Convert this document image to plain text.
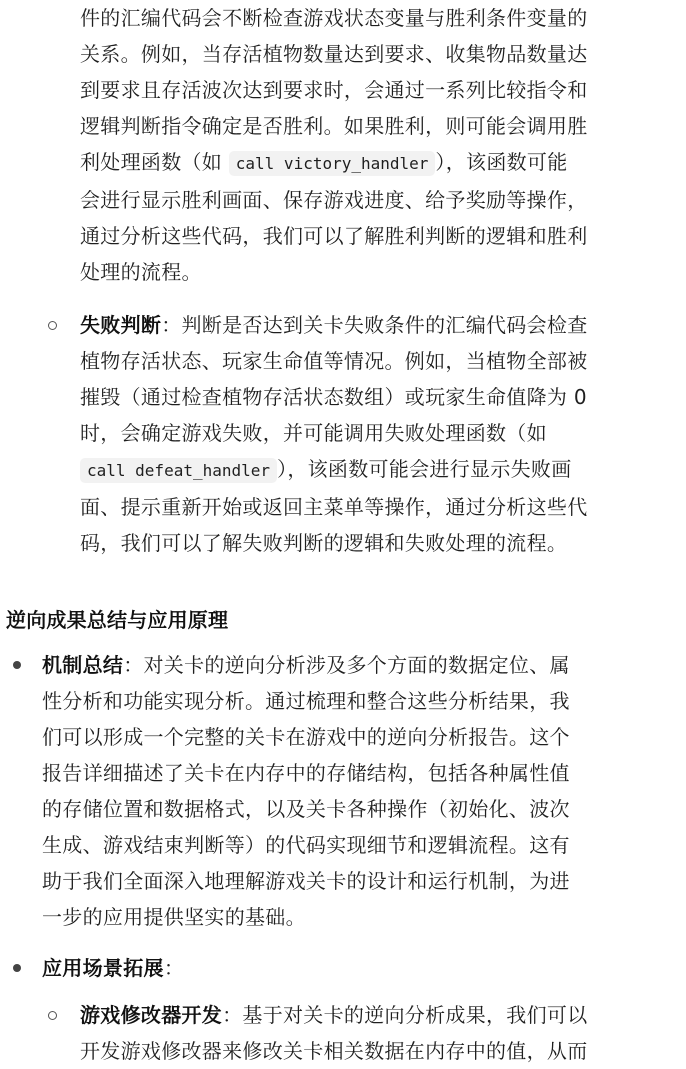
件的汇编代码会不断检查游戏状态变量与胜利条件变量的
关系。例如，当存活植物数量达到要求、收集物品数量达
到要求且存活波次达到要求时，会通过一系列比较指令和
逻辑判断指令确定是否胜利。如果胜利，则可能会调用胜
利处理函数（如 call victory_handler ），该函数可能
会进行显示胜利画面、保存游戏进度、给予奖励等操作，
通过分析这些代码，我们可以了解胜利判断的逻辑和胜利
处理的流程。
失败判断：判断是否达到关卡失败条件的汇编代码会检查
植物存活状态、玩家生命值等情况。例如，当植物全部被
摧毁（通过检查植物存活状态数组）或玩家生命值降为 0
时，会确定游戏失败，并可能调用失败处理函数（如
call defeat_handler ），该函数可能会进行显示失败画
面、提示重新开始或返回主菜单等操作，通过分析这些代
码，我们可以了解失败判断的逻辑和失败处理的流程。
逆向成果总结与应用原理
机制总结：对关卡的逆向分析涉及多个方面的数据定位、属
性分析和功能实现分析。通过梳理和整合这些分析结果，我
们可以形成一个完整的关卡在游戏中的逆向分析报告。这个
报告详细描述了关卡在内存中的存储结构，包括各种属性值
的存储位置和数据格式，以及关卡各种操作（初始化、波次
生成、游戏结束判断等）的代码实现细节和逻辑流程。这有
助于我们全面深入地理解游戏关卡的设计和运行机制，为进
一步的应用提供坚实的基础。
应用场景拓展：
游戏修改器开发：基于对关卡的逆向分析成果，我们可以
开发游戏修改器来修改关卡相关数据在内存中的值，从而
